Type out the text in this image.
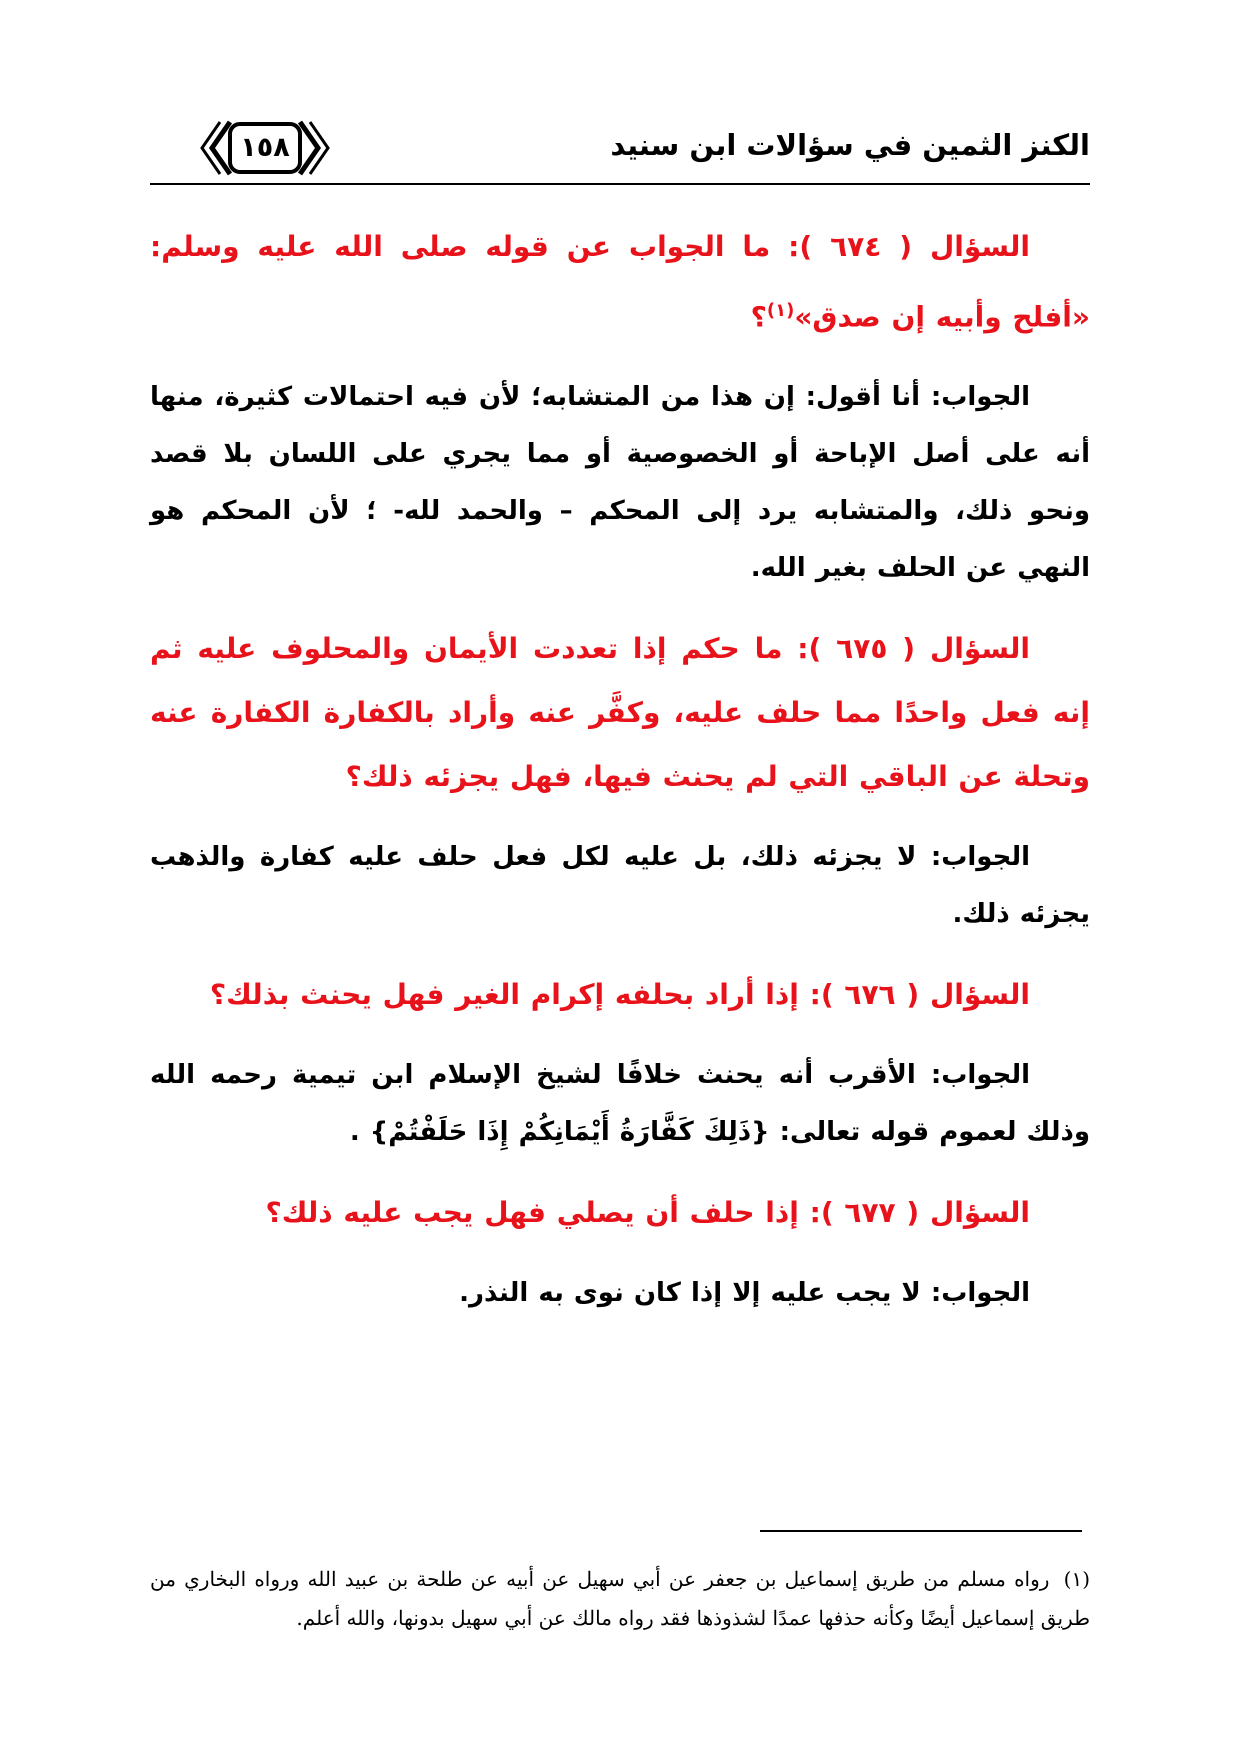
الكنز الثمين في سؤالات ابن سنيد
١٥٨

السؤال ( ٦٧٤ ): ما الجواب عن قوله صلى الله عليه وسلم: «أفلح وأبيه إن صدق»$^{(١)}$؟

الجواب: أنا أقول: إن هذا من المتشابه؛ لأن فيه احتمالات كثيرة، منها أنه على أصل الإباحة أو الخصوصية أو مما يجري على اللسان بلا قصد ونحو ذلك، والمتشابه يرد إلى المحكم – والحمد لله- ؛ لأن المحكم هو النهي عن الحلف بغير الله.

السؤال ( ٦٧٥ ): ما حكم إذا تعددت الأيمان والمحلوف عليه ثم إنه فعل واحدًا مما حلف عليه، وكفَّر عنه وأراد بالكفارة الكفارة عنه وتحلة عن الباقي التي لم يحنث فيها، فهل يجزئه ذلك؟

الجواب: لا يجزئه ذلك، بل عليه لكل فعل حلف عليه كفارة والذهب يجزئه ذلك.

السؤال ( ٦٧٦ ): إذا أراد بحلفه إكرام الغير فهل يحنث بذلك؟

الجواب: الأقرب أنه يحنث خلافًا لشيخ الإسلام ابن تيمية رحمه الله وذلك لعموم قوله تعالى: {ذَلِكَ كَفَّارَةُ أَيْمَانِكُمْ إِذَا حَلَفْتُمْ} .

السؤال ( ٦٧٧ ): إذا حلف أن يصلي فهل يجب عليه ذلك؟

الجواب: لا يجب عليه إلا إذا كان نوى به النذر.

(١) رواه مسلم من طريق إسماعيل بن جعفر عن أبي سهيل عن أبيه عن طلحة بن عبيد الله ورواه البخاري من طريق إسماعيل أيضًا وكأنه حذفها عمدًا لشذوذها فقد رواه مالك عن أبي سهيل بدونها، والله أعلم.
